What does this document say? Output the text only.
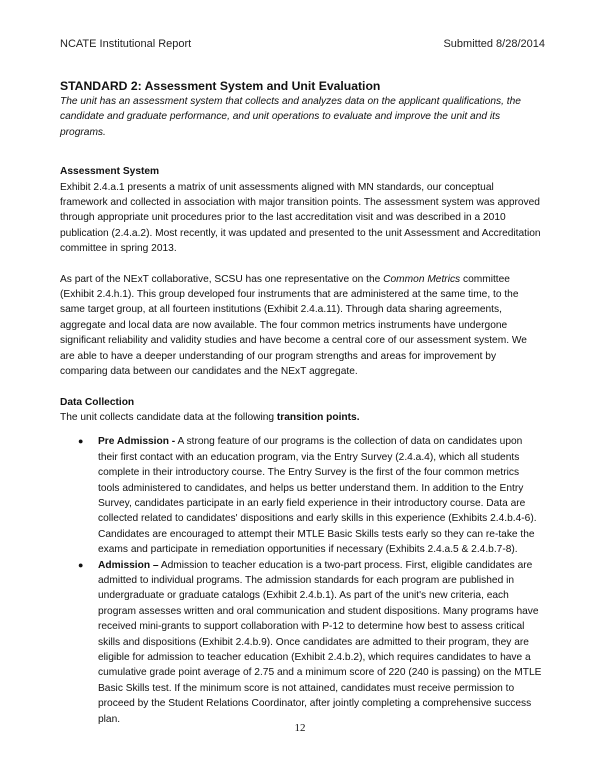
NCATE Institutional Report	Submitted 8/28/2014
STANDARD 2: Assessment System and Unit Evaluation

The unit has an assessment system that collects and analyzes data on the applicant qualifications, the candidate and graduate performance, and unit operations to evaluate and improve the unit and its programs.

Assessment System

Exhibit 2.4.a.1 presents a matrix of unit assessments aligned with MN standards, our conceptual framework and collected in association with major transition points. The assessment system was approved through appropriate unit procedures prior to the last accreditation visit and was described in a 2010 publication (2.4.a.2). Most recently, it was updated and presented to the unit Assessment and Accreditation committee in spring 2013.

As part of the NExT collaborative, SCSU has one representative on the Common Metrics committee (Exhibit 2.4.h.1). This group developed four instruments that are administered at the same time, to the same target group, at all fourteen institutions (Exhibit 2.4.a.11). Through data sharing agreements, aggregate and local data are now available. The four common metrics instruments have undergone significant reliability and validity studies and have become a central core of our assessment system. We are able to have a deeper understanding of our program strengths and areas for improvement by comparing data between our candidates and the NExT aggregate.

Data Collection

The unit collects candidate data at the following transition points.

● Pre Admission - A strong feature of our programs is the collection of data on candidates upon their first contact with an education program, via the Entry Survey (2.4.a.4), which all students complete in their introductory course. The Entry Survey is the first of the four common metrics tools administered to candidates, and helps us better understand them. In addition to the Entry Survey, candidates participate in an early field experience in their introductory course. Data are collected related to candidates' dispositions and early skills in this experience (Exhibits 2.4.b.4-6). Candidates are encouraged to attempt their MTLE Basic Skills tests early so they can re-take the exams and participate in remediation opportunities if necessary (Exhibits 2.4.a.5 & 2.4.b.7-8).
● Admission – Admission to teacher education is a two-part process. First, eligible candidates are admitted to individual programs. The admission standards for each program are published in undergraduate or graduate catalogs (Exhibit 2.4.b.1). As part of the unit's new criteria, each program assesses written and oral communication and student dispositions. Many programs have received mini-grants to support collaboration with P-12 to determine how best to assess critical skills and dispositions (Exhibit 2.4.b.9). Once candidates are admitted to their program, they are eligible for admission to teacher education (Exhibit 2.4.b.2), which requires candidates to have a cumulative grade point average of 2.75 and a minimum score of 220 (240 is passing) on the MTLE Basic Skills test. If the minimum score is not attained, candidates must receive permission to proceed by the Student Relations Coordinator, after jointly completing a comprehensive success plan.
12
